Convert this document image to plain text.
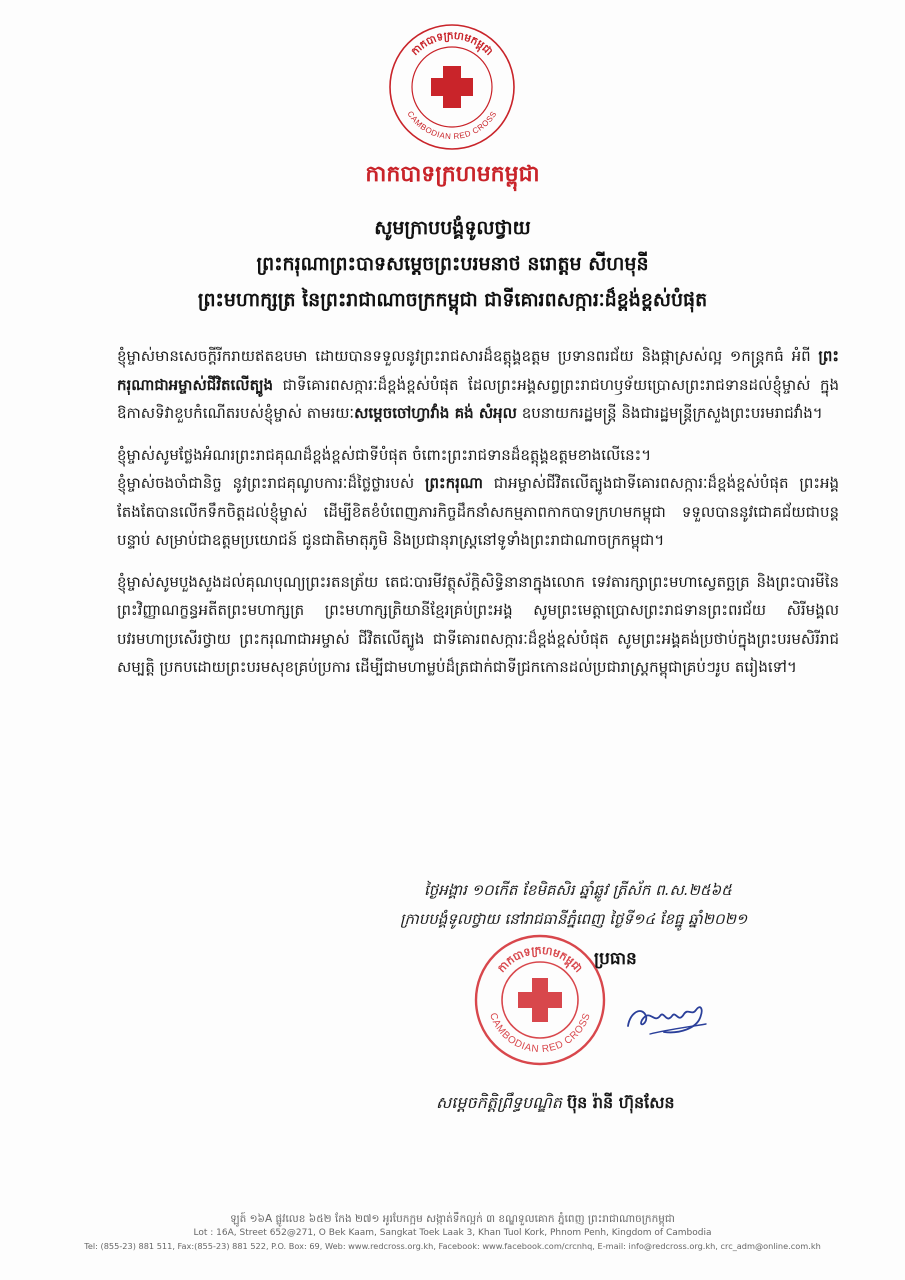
កាកបាទក្រហមកម្ពុជា
CAMBODIAN RED CROSS
កាកបាទក្រហមកម្ពុជា
សូមក្រាបបង្គំទូលថ្វាយ
ព្រះករុណាព្រះបាទសម្ដេចព្រះបរមនាថ នរោត្តម សីហមុនី
ព្រះមហាក្សត្រ នៃព្រះរាជាណាចក្រកម្ពុជា ជាទីគោរពសក្ការៈដ៏ខ្ពង់ខ្ពស់បំផុត

ខ្ញុំម្ចាស់មានសេចក្តីរីករាយឥតឧបមា ដោយបានទទួលនូវព្រះរាជសារដ៏ឧត្ដុង្គឧត្ដម ប្រទានពរជ័យ និងផ្កាស្រស់ល្អ ១កន្ត្រកធំ អំពី ព្រះករុណាជាអម្ចាស់ជីវិតលើត្បូង ជាទីគោរពសក្ការៈដ៏ខ្ពង់ខ្ពស់បំផុត ដែលព្រះអង្គសព្វព្រះរាជហឫទ័យប្រោសព្រះរាជទានដល់ខ្ញុំម្ចាស់ ក្នុងឱកាសទិវាខួបកំណើតរបស់ខ្ញុំម្ចាស់ តាមរយៈសម្តេចចៅហ្វាវាំង គង់ សំអុល ឧបនាយករដ្ឋមន្ត្រី និងជារដ្ឋមន្ត្រីក្រសួងព្រះបរមរាជវាំង។

ខ្ញុំម្ចាស់សូមថ្លែងអំណរព្រះរាជគុណដ៏ខ្ពង់ខ្ពស់ជាទីបំផុត ចំពោះព្រះរាជទានដ៏ឧត្តុង្គឧត្តមខាងលើនេះ។

ខ្ញុំម្ចាស់ចងចាំជានិច្ច នូវព្រះរាជគុណូបការៈដ៏ថ្លៃថ្លារបស់ ព្រះករុណា ជាអម្ចាស់ជីវិតលើត្បូងជាទីគោរពសក្ការៈដ៏ខ្ពង់ខ្ពស់បំផុត ព្រះអង្គតែងតែបានលើកទឹកចិត្តដល់ខ្ញុំម្ចាស់ ដើម្បីខិតខំបំពេញភារកិច្ចដឹកនាំសកម្មភាពកាកបាទក្រហមកម្ពុជា ទទួលបាននូវជោគជ័យជាបន្តបន្ទាប់ សម្រាប់ជាឧត្តមប្រយោជន៍ ជូនជាតិមាតុភូមិ និងប្រជានុរាស្ត្រនៅទូទាំងព្រះរាជាណាចក្រកម្ពុជា។

ខ្ញុំម្ចាស់សូមបួងសួងដល់គុណបុណ្យព្រះរតនត្រ័យ តេជៈបារមីវត្ថុស័ក្តិសិទ្ធិនានាក្នុងលោក ទេវតារក្សាព្រះមហាស្វេតច្ឆត្រ និងព្រះបារមីនៃព្រះវិញ្ញាណក្ខន្ធអតីតព្រះមហាក្សត្រ ព្រះមហាក្សត្រិយានីខ្មែរគ្រប់ព្រះអង្គ សូមព្រះមេត្តាប្រោសព្រះរាជទានព្រះពរជ័យ សិរីមង្គល បវរមហាប្រសើរថ្វាយ ព្រះករុណាជាអម្ចាស់ ជីវិតលើត្បូង ជាទីគោរពសក្ការៈដ៏ខ្ពង់ខ្ពស់បំផុត សូមព្រះអង្គគង់ប្រថាប់ក្នុងព្រះបរមសិរីរាជសម្បត្តិ ប្រកបដោយព្រះបរមសុខគ្រប់ប្រការ ដើម្បីជាមហាម្លប់ដ៏ត្រជាក់ជាទីជ្រកកោនដល់ប្រជារាស្ត្រកម្ពុជាគ្រប់ៗរូប តរៀងទៅ។

ថ្ងៃអង្គារ ១០កើត ខែមិគសិរ ឆ្នាំឆ្លូវ ត្រីស័ក ព.ស.២៥៦៥
ក្រាបបង្គំទូលថ្វាយ នៅរាជធានីភ្នំពេញ ថ្ងៃទី១៤ ខែធ្នូ ឆ្នាំ២០២១
កាកបាទក្រហមកម្ពុជា
CAMBODIAN RED CROSS
ប្រធាន
សម្ដេចកិត្តិព្រឹទ្ធបណ្ឌិត ប៊ុន រ៉ានី ហ៊ុនសែន
ឡូត៍ ១៦A ផ្លូវលេខ ៦៥២ កែង ២៧១ អូរបែកក្អម សង្កាត់ទឹកល្អក់ ៣ ខណ្ឌទួលគោក ភ្នំពេញ ព្រះរាជាណាចក្រកម្ពុជា
Lot : 16A, Street 652@271, O Bek Kaam, Sangkat Toek Laak 3, Khan Tuol Kork, Phnom Penh, Kingdom of Cambodia
Tel: (855-23) 881 511, Fax:(855-23) 881 522, P.O. Box: 69, Web: www.redcross.org.kh, Facebook: www.facebook.com/crcnhq, E-mail: info@redcross.org.kh, crc_adm@online.com.kh
